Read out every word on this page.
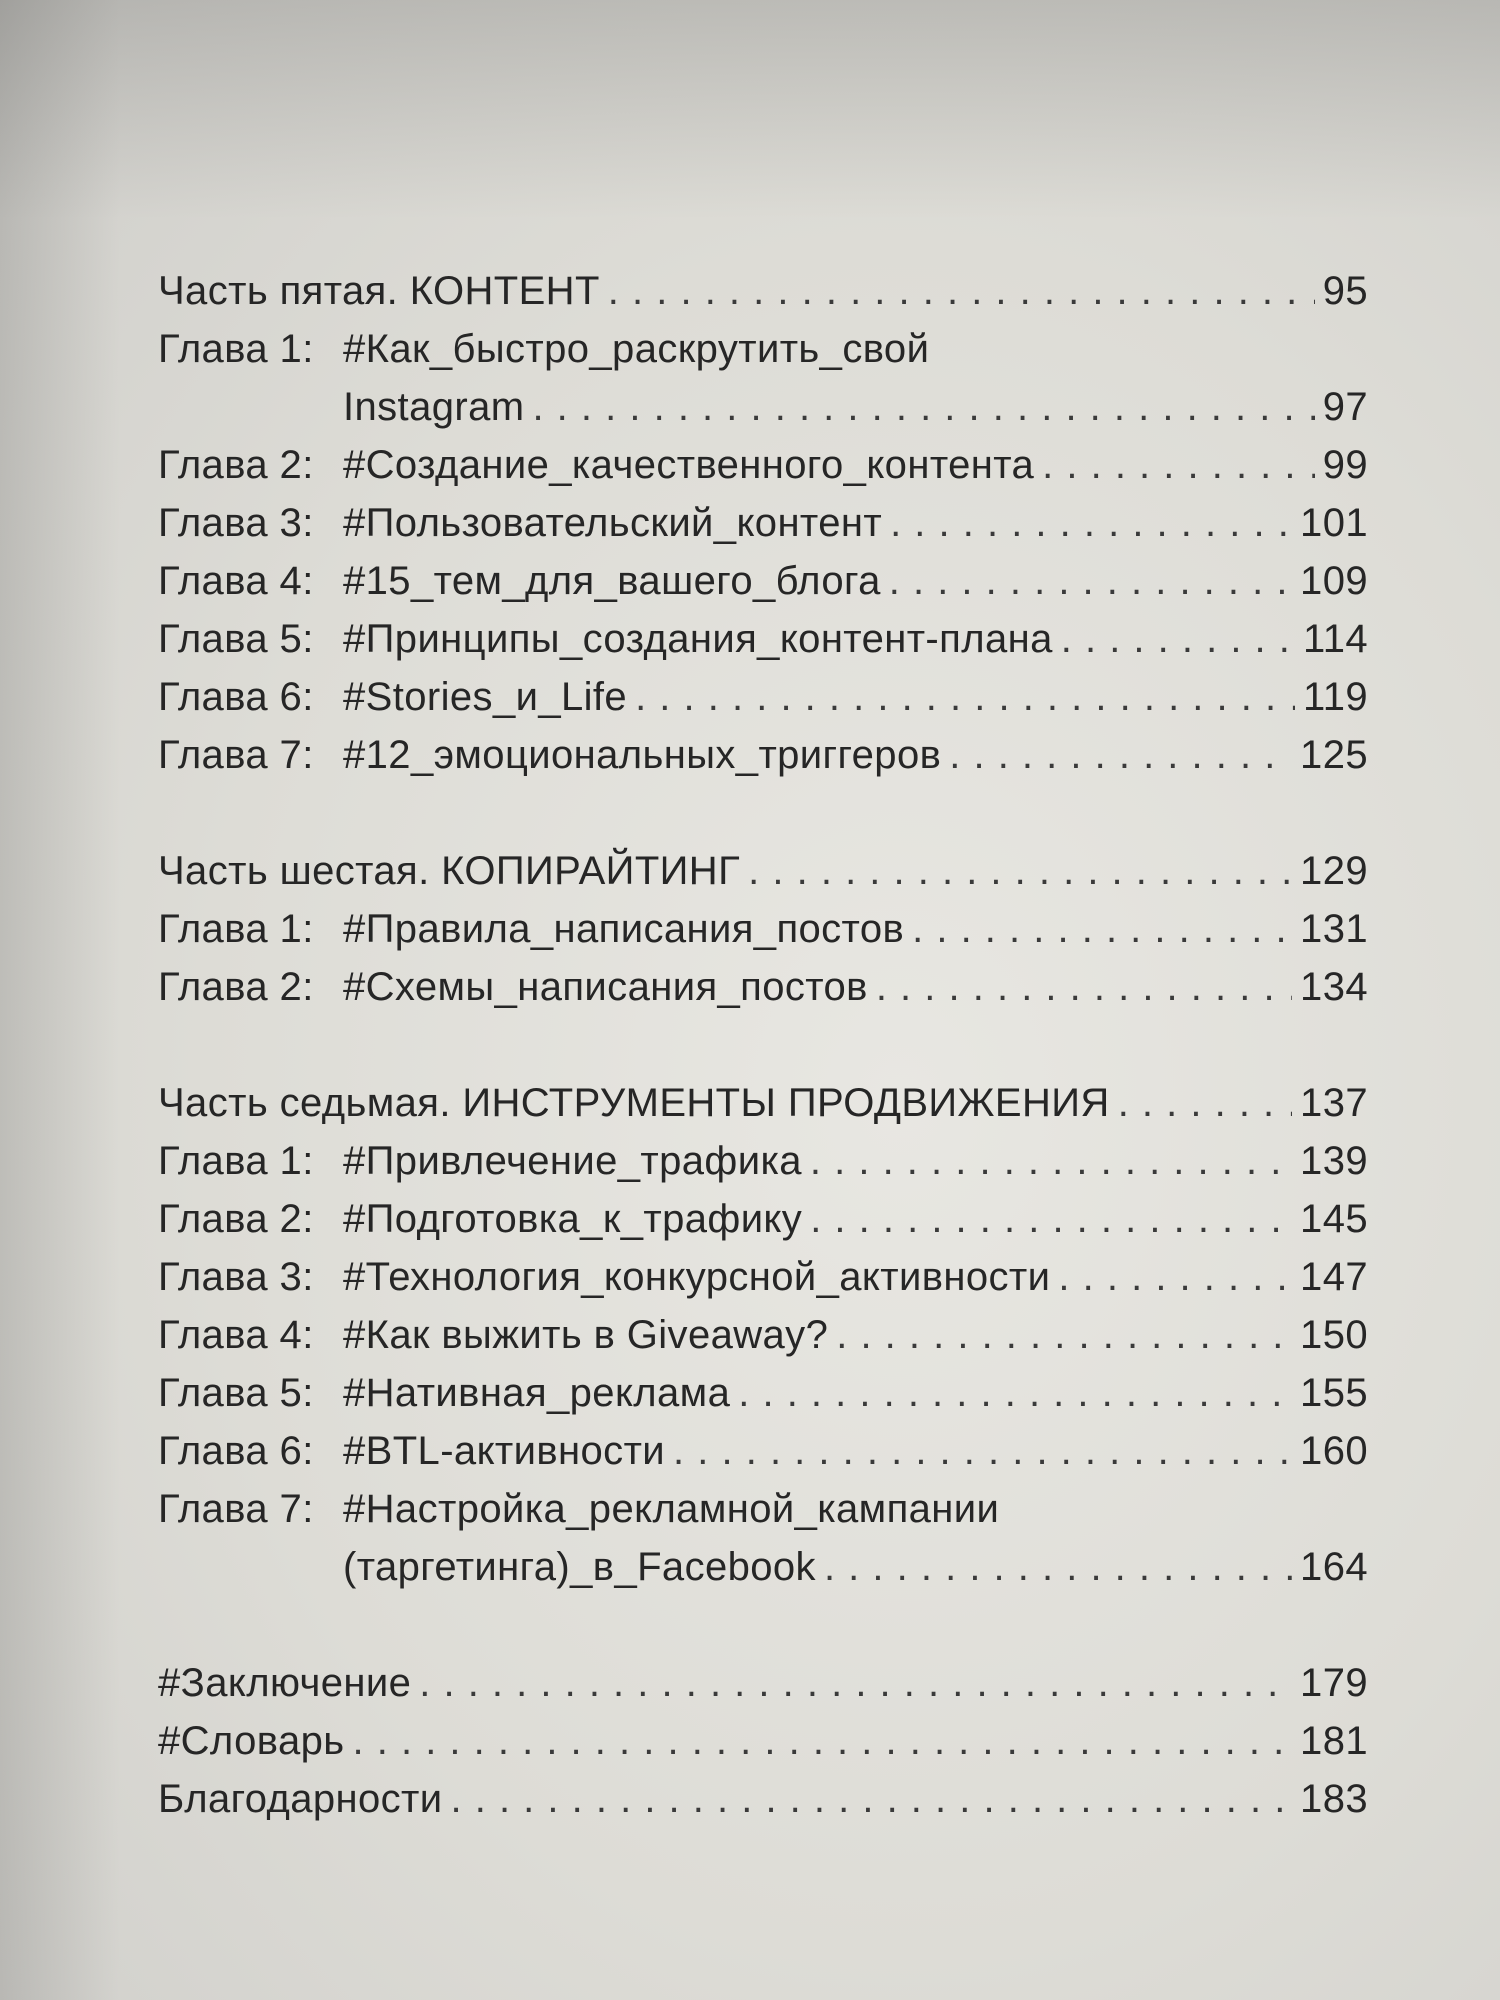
Часть пятая. КОНТЕНТ . . .	95
Глава 1: #Как_быстро_раскрутить_свой
Instagram . . .	97
Глава 2: #Создание_качественного_контента . . .	99
Глава 3: #Пользовательский_контент . . .	101
Глава 4: #15_тем_для_вашего_блога . . .	109
Глава 5: #Принципы_создания_контент-плана . . .	114
Глава 6: #Stories_и_Life . . .	119
Глава 7: #12_эмоциональных_триггеров . . .	125
Часть шестая. КОПИРАЙТИНГ . . .	129
Глава 1: #Правила_написания_постов . . .	131
Глава 2: #Схемы_написания_постов . . .	134
Часть седьмая. ИНСТРУМЕНТЫ ПРОДВИЖЕНИЯ . . .	137
Глава 1: #Привлечение_трафика . . .	139
Глава 2: #Подготовка_к_трафику . . .	145
Глава 3: #Технология_конкурсной_активности . . .	147
Глава 4: #Как выжить в Giveaway? . . .	150
Глава 5: #Нативная_реклама . . .	155
Глава 6: #BTL-активности . . .	160
Глава 7: #Настройка_рекламной_кампании
(таргетинга)_в_Facebook . . .	164
#Заключение . . .	179
#Словарь . . .	181
Благодарности . . .	183
